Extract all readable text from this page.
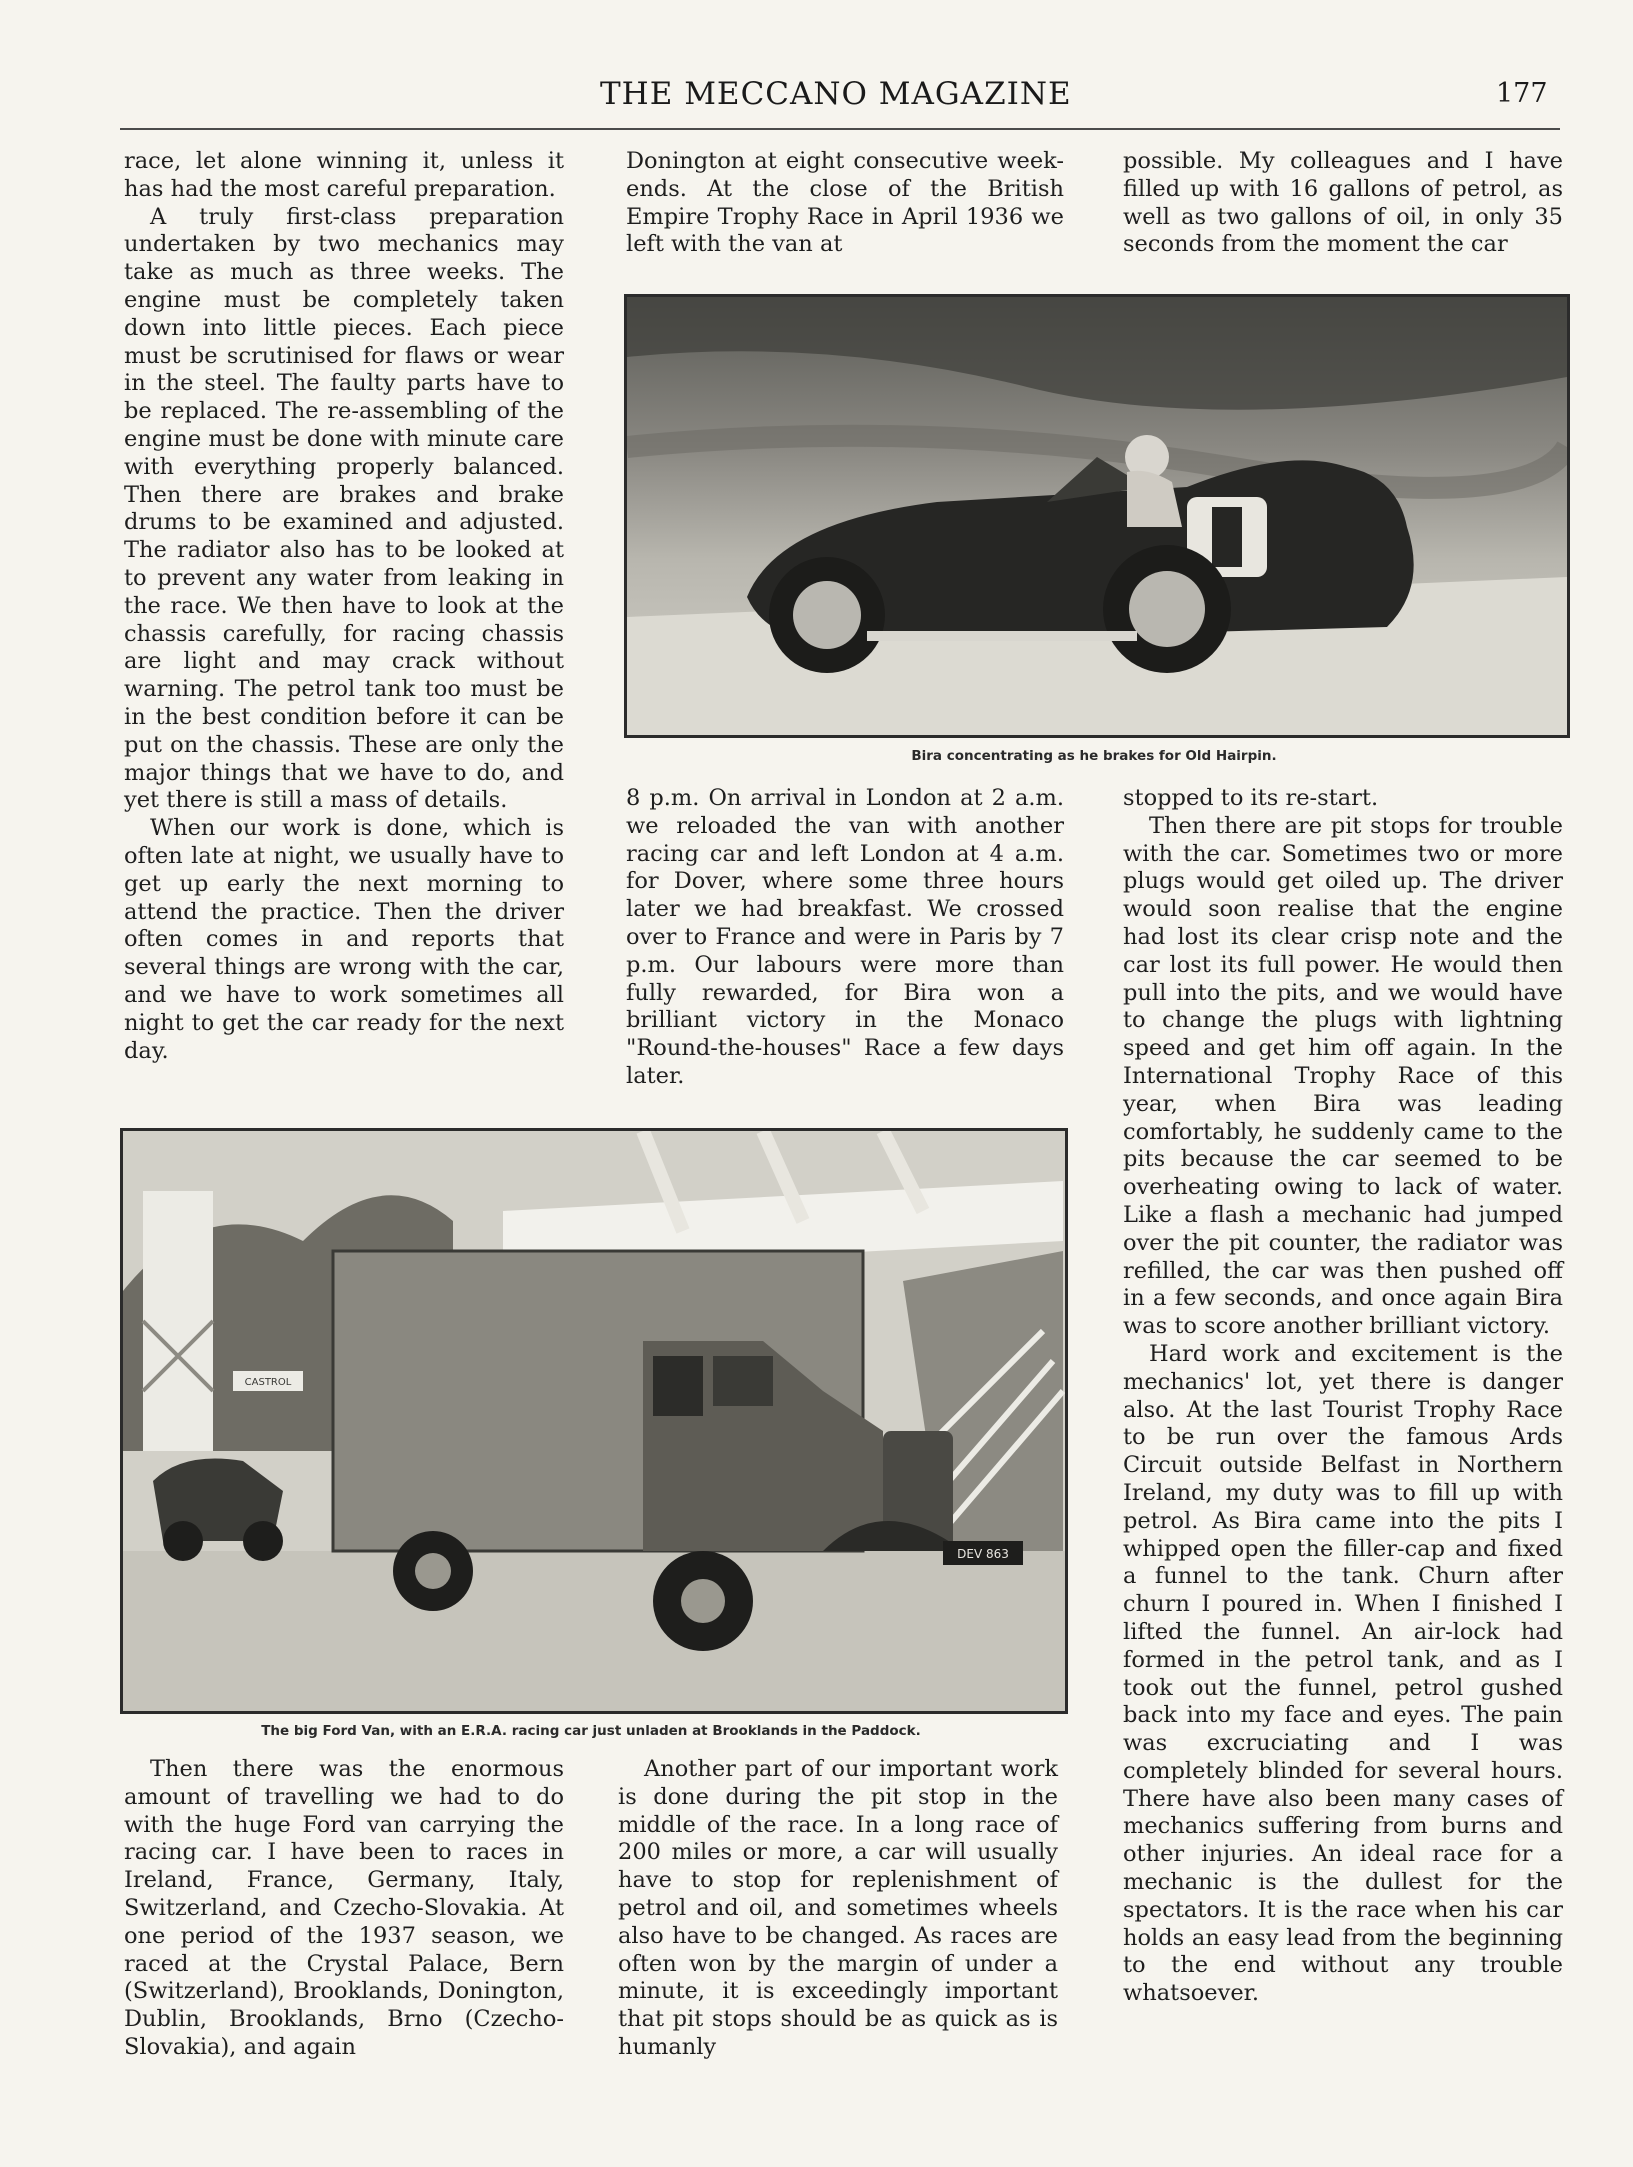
THE MECCANO MAGAZINE	177

race, let alone winning it, unless it has had the most careful preparation.

A truly first-class preparation undertaken by two mechanics may take as much as three weeks. The engine must be completely taken down into little pieces. Each piece must be scrutinised for flaws or wear in the steel. The faulty parts have to be replaced. The re-assembling of the engine must be done with minute care with everything properly balanced. Then there are brakes and brake drums to be examined and adjusted. The radiator also has to be looked at to prevent any water from leaking in the race. We then have to look at the chassis carefully, for racing chassis are light and may crack without warning. The petrol tank too must be in the best condition before it can be put on the chassis. These are only the major things that we have to do, and yet there is still a mass of details.

When our work is done, which is often late at night, we usually have to get up early the next morning to attend the practice. Then the driver often comes in and reports that several things are wrong with the car, and we have to work sometimes all night to get the car ready for the next day.

Donington at eight consecutive week-ends. At the close of the British Empire Trophy Race in April 1936 we left with the van at

possible. My colleagues and I have filled up with 16 gallons of petrol, as well as two gallons of oil, in only 35 seconds from the moment the car

Bira concentrating as he brakes for Old Hairpin.

8 p.m. On arrival in London at 2 a.m. we reloaded the van with another racing car and left London at 4 a.m. for Dover, where some three hours later we had breakfast. We crossed over to France and were in Paris by 7 p.m. Our labours were more than fully rewarded, for Bira won a brilliant victory in the Monaco "Round-the-houses" Race a few days later.

stopped to its re-start.

Then there are pit stops for trouble with the car. Sometimes two or more plugs would get oiled up. The driver would soon realise that the engine had lost its clear crisp note and the car lost its full power. He would then pull into the pits, and we would have to change the plugs with lightning speed and get him off again. In the International Trophy Race of this year, when Bira was leading comfortably, he suddenly came to the pits because the car seemed to be overheating owing to lack of water. Like a flash a mechanic had jumped over the pit counter, the radiator was refilled, the car was then pushed off in a few seconds, and once again Bira was to score another brilliant victory.

Hard work and excitement is the mechanics' lot, yet there is danger also. At the last Tourist Trophy Race to be run over the famous Ards Circuit outside Belfast in Northern Ireland, my duty was to fill up with petrol. As Bira came into the pits I whipped open the filler-cap and fixed a funnel to the tank. Churn after churn I poured in. When I finished I lifted the funnel. An air-lock had formed in the petrol tank, and as I took out the funnel, petrol gushed back into my face and eyes. The pain was excruciating and I was completely blinded for several hours. There have also been many cases of mechanics suffering from burns and other injuries. An ideal race for a mechanic is the dullest for the spectators. It is the race when his car holds an easy lead from the beginning to the end without any trouble whatsoever.

DEV 863
CASTROL
The big Ford Van, with an E.R.A. racing car just unladen at Brooklands in the Paddock.

Then there was the enormous amount of travelling we had to do with the huge Ford van carrying the racing car. I have been to races in Ireland, France, Germany, Italy, Switzerland, and Czecho-Slovakia. At one period of the 1937 season, we raced at the Crystal Palace, Bern (Switzerland), Brooklands, Donington, Dublin, Brooklands, Brno (Czecho-Slovakia), and again

Another part of our important work is done during the pit stop in the middle of the race. In a long race of 200 miles or more, a car will usually have to stop for replenishment of petrol and oil, and sometimes wheels also have to be changed. As races are often won by the margin of under a minute, it is exceedingly important that pit stops should be as quick as is humanly
